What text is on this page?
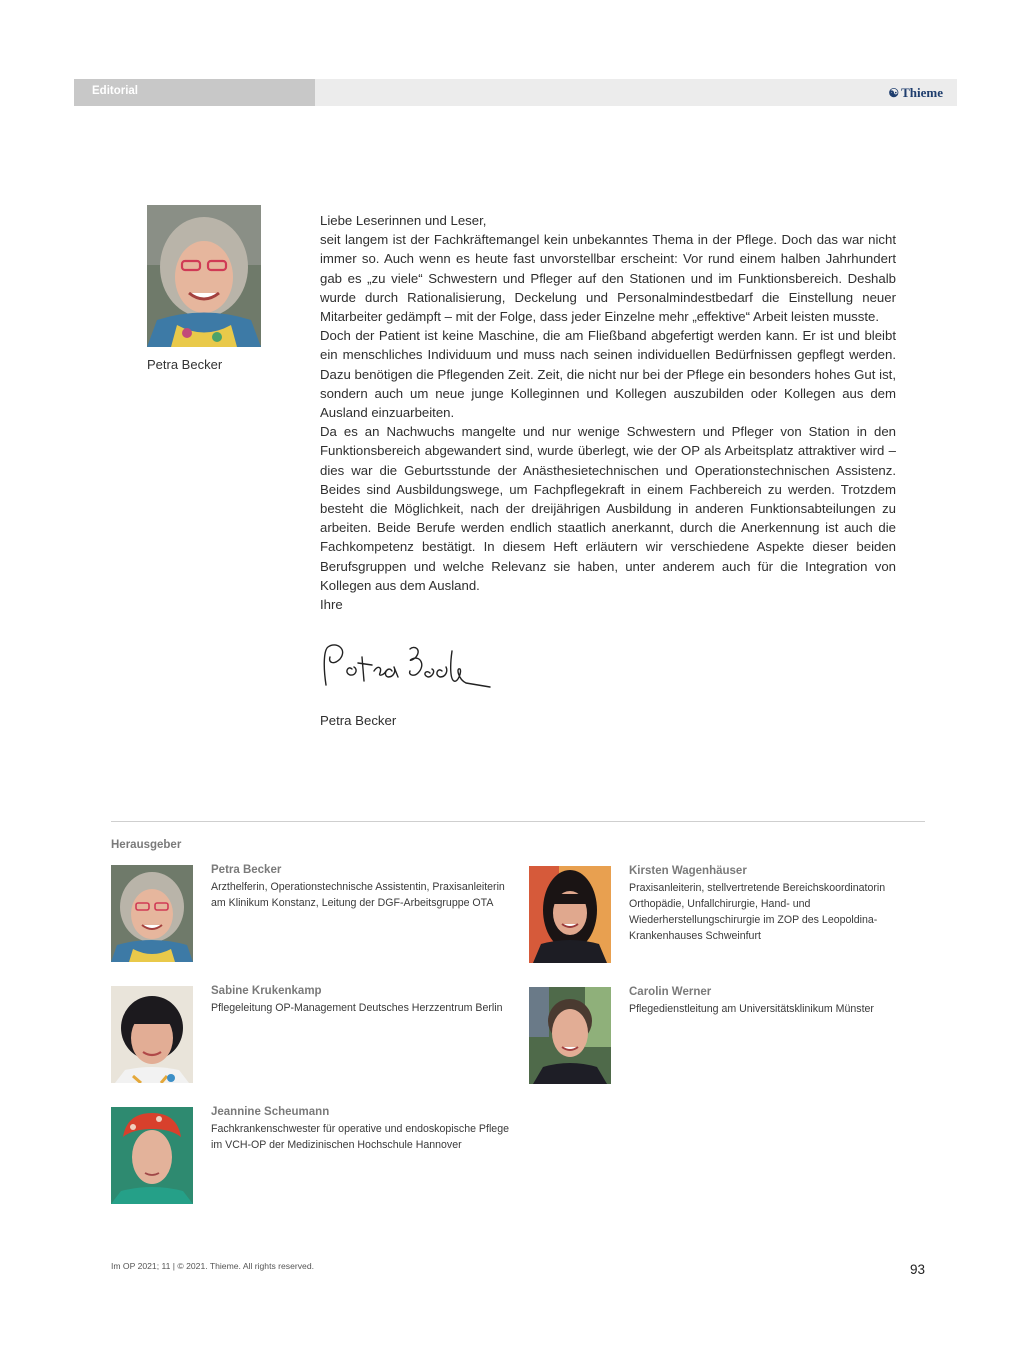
Editorial	☯ Thieme
Petra Becker

Liebe Leserinnen und Leser,

seit langem ist der Fachkräftemangel kein unbekanntes Thema in der Pflege. Doch das war nicht immer so. Auch wenn es heute fast unvorstellbar erscheint: Vor rund einem halben Jahrhundert gab es „zu viele“ Schwestern und Pfleger auf den Stationen und im Funktionsbereich. Deshalb wurde durch Rationalisierung, Deckelung und Personalmindestbedarf die Einstellung neuer Mitarbeiter gedämpft – mit der Folge, dass jeder Einzelne mehr „effektive“ Arbeit leisten musste.

Doch der Patient ist keine Maschine, die am Fließband abgefertigt werden kann. Er ist und bleibt ein menschliches Individuum und muss nach seinen individuellen Bedürfnissen gepflegt werden. Dazu benötigen die Pflegenden Zeit. Zeit, die nicht nur bei der Pflege ein besonders hohes Gut ist, sondern auch um neue junge Kolleginnen und Kollegen auszubilden oder Kollegen aus dem Ausland einzuarbeiten.

Da es an Nachwuchs mangelte und nur wenige Schwestern und Pfleger von Station in den Funktionsbereich abgewandert sind, wurde überlegt, wie der OP als Arbeitsplatz attraktiver wird – dies war die Geburtsstunde der Anästhesietechnischen und Operationstechnischen Assistenz. Beides sind Ausbildungswege, um Fachpflegekraft in einem Fachbereich zu werden. Trotzdem besteht die Möglichkeit, nach der dreijährigen Ausbildung in anderen Funktionsabteilungen zu arbeiten. Beide Berufe werden endlich staatlich anerkannt, durch die Anerkennung ist auch die Fachkompetenz bestätigt. In diesem Heft erläutern wir verschiedene Aspekte dieser beiden Berufsgruppen und welche Relevanz sie haben, unter anderem auch für die Integration von Kollegen aus dem Ausland.

Ihre
Petra Becker
Herausgeber
Petra Becker
Arzthelferin, Operationstechnische Assistentin, Praxisanleiterin am Klinikum Konstanz, Leitung der DGF-Arbeitsgruppe OTA
Kirsten Wagenhäuser
Praxisanleiterin, stellvertretende Bereichskoordinatorin Orthopädie, Unfallchirurgie, Hand- und Wiederherstellungschirurgie im ZOP des Leopoldina-Krankenhauses Schweinfurt
Sabine Krukenkamp
Pflegeleitung OP-Management Deutsches Herzzentrum Berlin
Carolin Werner
Pflegedienstleitung am Universitätsklinikum Münster
Jeannine Scheumann
Fachkrankenschwester für operative und endoskopische Pflege im VCH-OP der Medizinischen Hochschule Hannover
Im OP 2021; 11 | © 2021. Thieme. All rights reserved.	93
